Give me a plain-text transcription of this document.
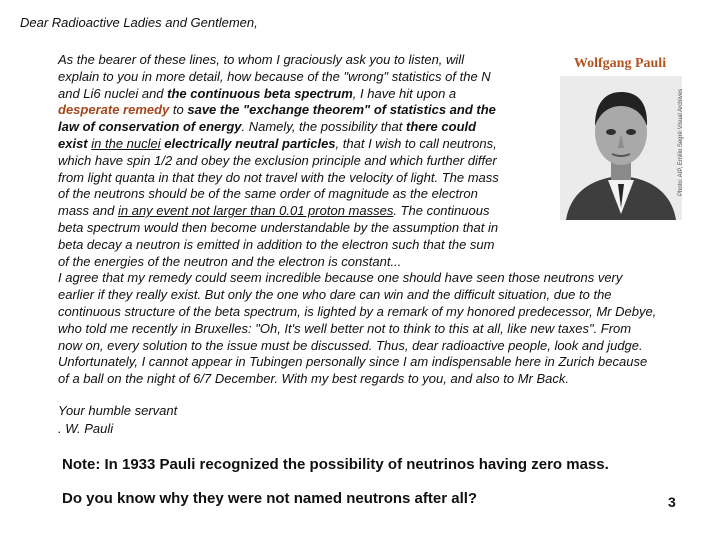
Dear Radioactive Ladies and Gentlemen,
As the bearer of these lines, to whom I graciously ask you to listen, will
explain to you in more detail, how because of the "wrong" statistics of the N
and Li6 nuclei and the continuous beta spectrum, I have hit upon a
desperate remedy to save the "exchange theorem" of statistics and the
law of conservation of energy. Namely, the possibility that there could
exist in the nuclei electrically neutral particles, that I wish to call neutrons,
which have spin 1/2 and obey the exclusion principle and which further differ
from light quanta in that they do not travel with the velocity of light. The mass
of the neutrons should be of the same order of magnitude as the electron
mass and in any event not larger than 0.01 proton masses. The continuous
beta spectrum would then become understandable by the assumption that in
beta decay a neutron is emitted in addition to the electron such that the sum
of the energies of the neutron and the electron is constant...
I agree that my remedy could seem incredible because one should have seen those neutrons very
earlier if they really exist. But only the one who dare can win and the difficult situation, due to the
continuous structure of the beta spectrum, is lighted by a remark of my honored predecessor, Mr Debye,
who told me recently in Bruxelles: "Oh, It's well better not to think to this at all, like new taxes". From
now on, every solution to the issue must be discussed. Thus, dear radioactive people, look and judge.
Unfortunately, I cannot appear in Tubingen personally since I am indispensable here in Zurich because
of a ball on the night of 6/7 December. With my best regards to you, and also to Mr Back.
Wolfgang Pauli
Photo: AIP, Emilio Segrè Visual Archives
Your humble servant
. W. Pauli
Note: In 1933 Pauli recognized the possibility of neutrinos having zero mass.
Do you know why they were not named neutrons after all?	3
